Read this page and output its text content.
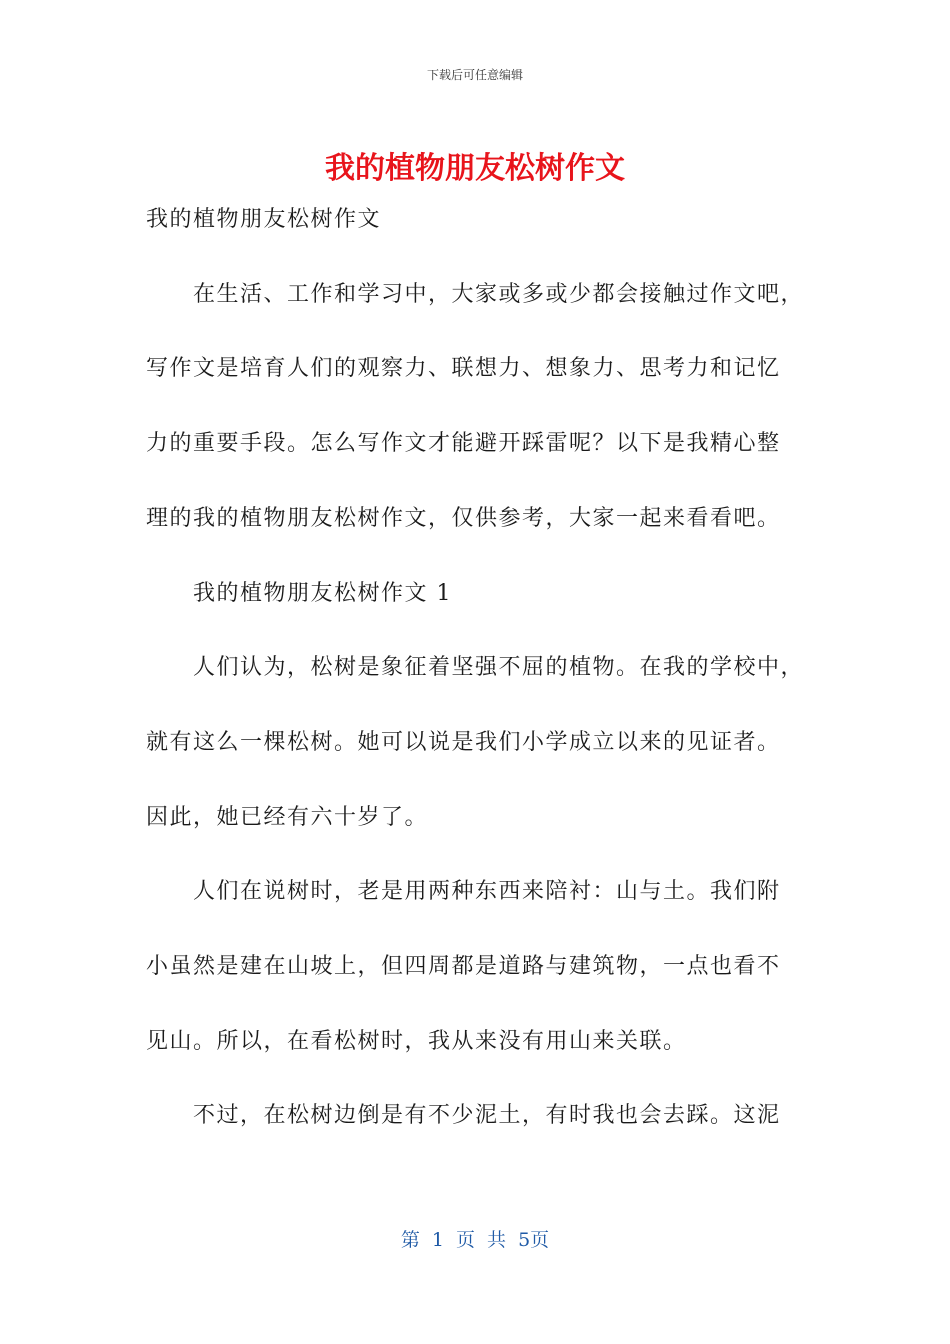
下载后可任意编辑
我的植物朋友松树作文
我的植物朋友松树作文
在生活、工作和学习中，大家或多或少都会接触过作文吧，
写作文是培育人们的观察力、联想力、想象力、思考力和记忆
力的重要手段。怎么写作文才能避开踩雷呢？以下是我精心整
理的我的植物朋友松树作文，仅供参考，大家一起来看看吧。
我的植物朋友松树作文 1
人们认为，松树是象征着坚强不屈的植物。在我的学校中，
就有这么一棵松树。她可以说是我们小学成立以来的见证者。
因此，她已经有六十岁了。
人们在说树时，老是用两种东西来陪衬：山与土。我们附
小虽然是建在山坡上，但四周都是道路与建筑物，一点也看不
见山。所以，在看松树时，我从来没有用山来关联。
不过，在松树边倒是有不少泥土，有时我也会去踩。这泥
第 1 页 共 5页
